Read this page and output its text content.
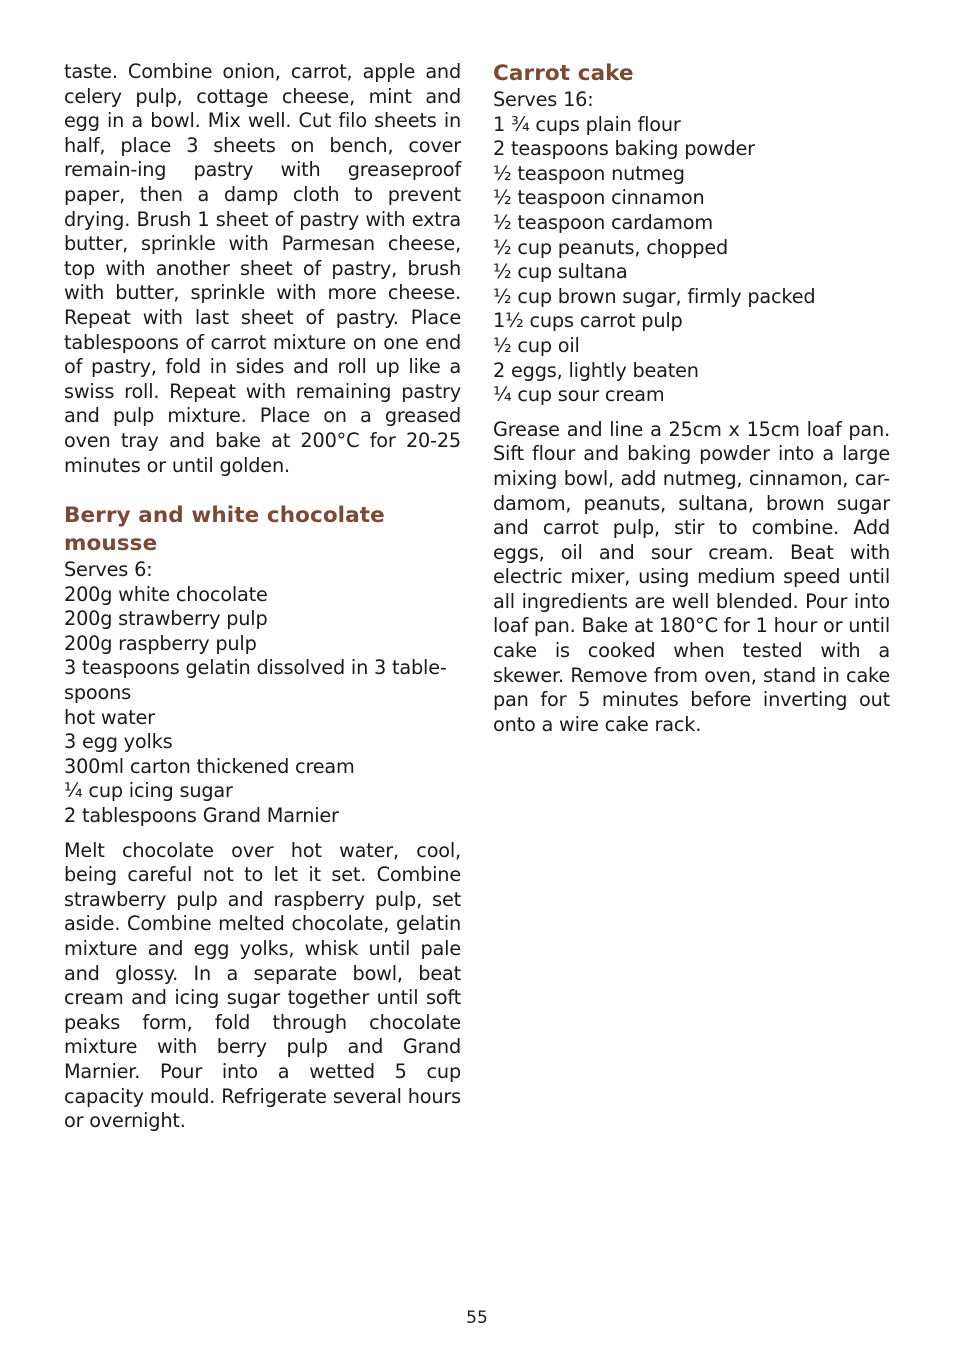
taste. Combine onion, carrot, apple and celery pulp, cottage cheese, mint and egg in a bowl. Mix well. Cut filo sheets in half, place 3 sheets on bench, cover remain-ing pastry with greaseproof paper, then a damp cloth to prevent drying. Brush 1 sheet of pastry with extra butter, sprinkle with Parmesan cheese, top with another sheet of pastry, brush with butter, sprinkle with more cheese. Repeat with last sheet of pastry. Place tablespoons of carrot mixture on one end of pastry, fold in sides and roll up like a swiss roll. Repeat with remaining pastry and pulp mixture. Place on a greased oven tray and bake at 200°C for 20-25 minutes or until golden.

Berry and white chocolate mousse
Serves 6:
200g white chocolate
200g strawberry pulp
200g raspberry pulp
3 teaspoons gelatin dissolved in 3 table-spoons
hot water
3 egg yolks
300ml carton thickened cream
¼ cup icing sugar
2 tablespoons Grand Marnier

Melt chocolate over hot water, cool, being careful not to let it set. Combine strawberry pulp and raspberry pulp, set aside. Combine melted chocolate, gelatin mixture and egg yolks, whisk until pale and glossy. In a separate bowl, beat cream and icing sugar together until soft peaks form, fold through chocolate mixture with berry pulp and Grand Marnier. Pour into a wetted 5 cup capacity mould. Refrigerate several hours or overnight.

Carrot cake
Serves 16:
1 ¾ cups plain flour
2 teaspoons baking powder
½ teaspoon nutmeg
½ teaspoon cinnamon
½ teaspoon cardamom
½ cup peanuts, chopped
½ cup sultana
½ cup brown sugar, firmly packed
1½ cups carrot pulp
½ cup oil
2 eggs, lightly beaten
¼ cup sour cream

Grease and line a 25cm x 15cm loaf pan. Sift flour and baking powder into a large mixing bowl, add nutmeg, cinnamon, car-damom, peanuts, sultana, brown sugar and carrot pulp, stir to combine. Add eggs, oil and sour cream. Beat with electric mixer, using medium speed until all ingredients are well blended. Pour into loaf pan. Bake at 180°C for 1 hour or until cake is cooked when tested with a skewer. Remove from oven, stand in cake pan for 5 minutes before inverting out onto a wire cake rack.

55
